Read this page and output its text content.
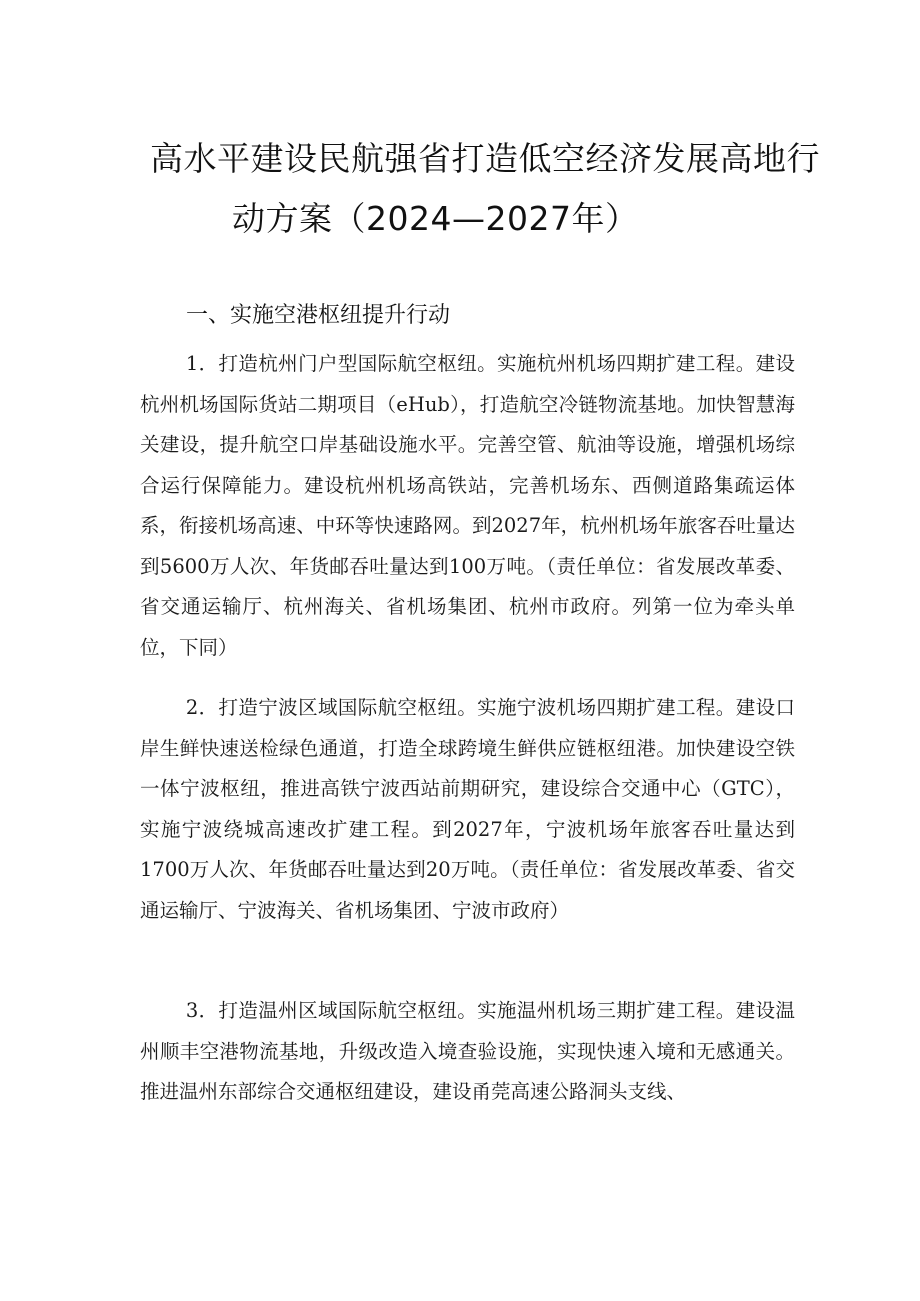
高水平建设民航强省打造低空经济发展高地行
动方案（2024—2027年）
一、实施空港枢纽提升行动

1．打造杭州门户型国际航空枢纽。实施杭州机场四期扩建工程。建设杭州机场国际货站二期项目（eHub），打造航空冷链物流基地。加快智慧海关建设，提升航空口岸基础设施水平。完善空管、航油等设施，增强机场综合运行保障能力。建设杭州机场高铁站，完善机场东、西侧道路集疏运体系，衔接机场高速、中环等快速路网。到2027年，杭州机场年旅客吞吐量达到5600万人次、年货邮吞吐量达到100万吨。（责任单位：省发展改革委、省交通运输厅、杭州海关、省机场集团、杭州市政府。列第一位为牵头单位，下同）

2．打造宁波区域国际航空枢纽。实施宁波机场四期扩建工程。建设口岸生鲜快速送检绿色通道，打造全球跨境生鲜供应链枢纽港。加快建设空铁一体宁波枢纽，推进高铁宁波西站前期研究，建设综合交通中心（GTC），实施宁波绕城高速改扩建工程。到2027年，宁波机场年旅客吞吐量达到1700万人次、年货邮吞吐量达到20万吨。（责任单位：省发展改革委、省交通运输厅、宁波海关、省机场集团、宁波市政府）

3．打造温州区域国际航空枢纽。实施温州机场三期扩建工程。建设温州顺丰空港物流基地，升级改造入境查验设施，实现快速入境和无感通关。推进温州东部综合交通枢纽建设，建设甬莞高速公路洞头支线、
